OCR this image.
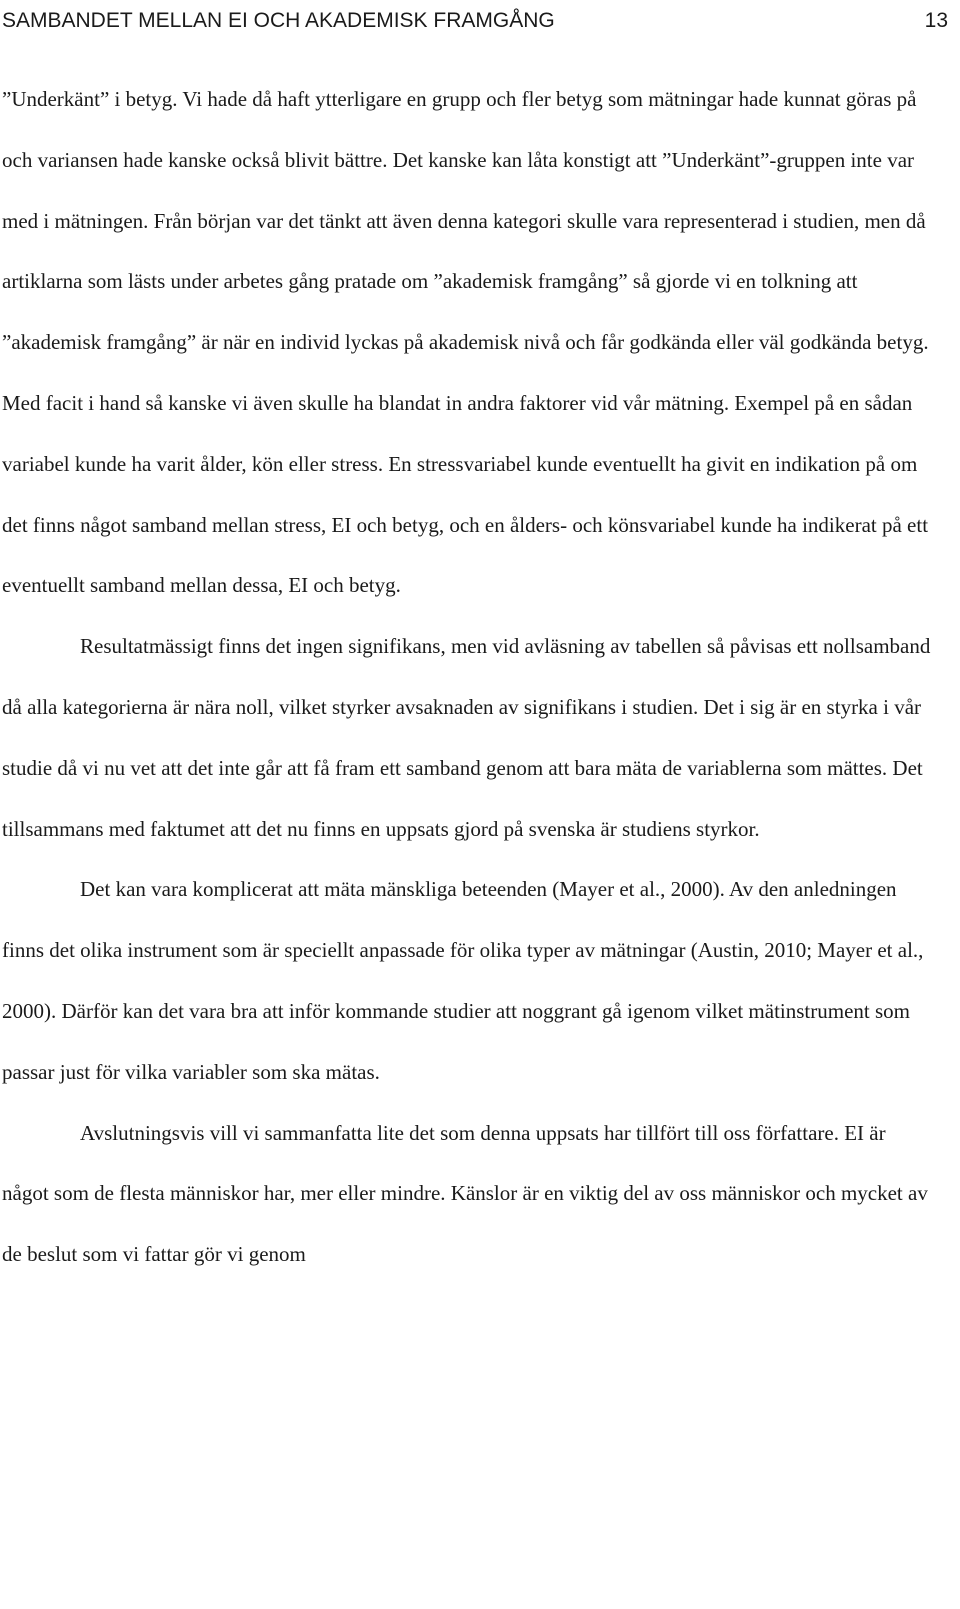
SAMBANDET MELLAN EI OCH AKADEMISK FRAMGÅNG	13

”Underkänt” i betyg. Vi hade då haft ytterligare en grupp och fler betyg som mätningar hade kunnat göras på och variansen hade kanske också blivit bättre. Det kanske kan låta konstigt att ”Underkänt”-gruppen inte var med i mätningen. Från början var det tänkt att även denna kategori skulle vara representerad i studien, men då artiklarna som lästs under arbetes gång pratade om ”akademisk framgång” så gjorde vi en tolkning att ”akademisk framgång” är när en individ lyckas på akademisk nivå och får godkända eller väl godkända betyg. Med facit i hand så kanske vi även skulle ha blandat in andra faktorer vid vår mätning. Exempel på en sådan variabel kunde ha varit ålder, kön eller stress. En stressvariabel kunde eventuellt ha givit en indikation på om det finns något samband mellan stress, EI och betyg, och en ålders- och könsvariabel kunde ha indikerat på ett eventuellt samband mellan dessa, EI och betyg.

Resultatmässigt finns det ingen signifikans, men vid avläsning av tabellen så påvisas ett nollsamband då alla kategorierna är nära noll, vilket styrker avsaknaden av signifikans i studien. Det i sig är en styrka i vår studie då vi nu vet att det inte går att få fram ett samband genom att bara mäta de variablerna som mättes. Det tillsammans med faktumet att det nu finns en uppsats gjord på svenska är studiens styrkor.

Det kan vara komplicerat att mäta mänskliga beteenden (Mayer et al., 2000). Av den anledningen finns det olika instrument som är speciellt anpassade för olika typer av mätningar (Austin, 2010; Mayer et al., 2000). Därför kan det vara bra att inför kommande studier att noggrant gå igenom vilket mätinstrument som passar just för vilka variabler som ska mätas.

Avslutningsvis vill vi sammanfatta lite det som denna uppsats har tillfört till oss författare. EI är något som de flesta människor har, mer eller mindre. Känslor är en viktig del av oss människor och mycket av de beslut som vi fattar gör vi genom
